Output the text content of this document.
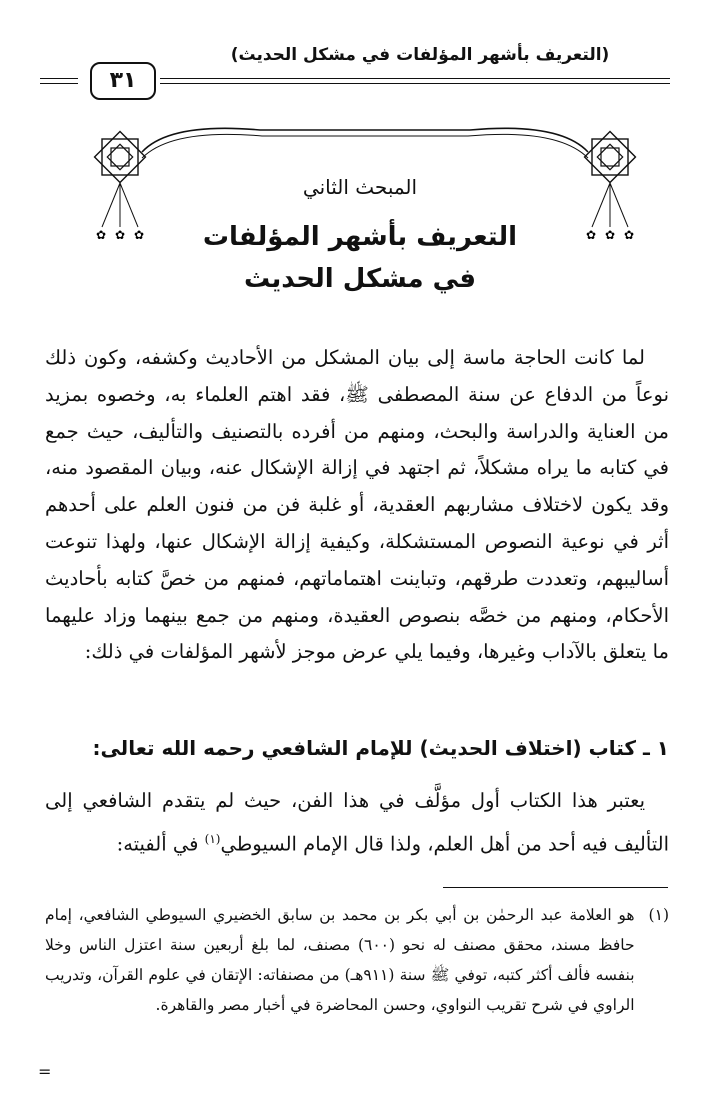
(التعريف بأشهر المؤلفات في مشكل الحديث)
٣١
✿ ✿ ✿	✿ ✿ ✿
المبحث الثاني
التعريف بأشهر المؤلفات
في مشكل الحديث

لما كانت الحاجة ماسة إلى بيان المشكل من الأحاديث وكشفه، وكون ذلك نوعاً من الدفاع عن سنة المصطفى ﷺ، فقد اهتم العلماء به، وخصوه بمزيد من العناية والدراسة والبحث، ومنهم من أفرده بالتصنيف والتأليف، حيث جمع في كتابه ما يراه مشكلاً، ثم اجتهد في إزالة الإشكال عنه، وبيان المقصود منه، وقد يكون لاختلاف مشاربهم العقدية، أو غلبة فن من فنون العلم على أحدهم أثر في نوعية النصوص المستشكلة، وكيفية إزالة الإشكال عنها، ولهذا تنوعت أساليبهم، وتعددت طرقهم، وتباينت اهتماماتهم، فمنهم من خصَّ كتابه بأحاديث الأحكام، ومنهم من خصَّه بنصوص العقيدة، ومنهم من جمع بينهما وزاد عليهما ما يتعلق بالآداب وغيرها، وفيما يلي عرض موجز لأشهر المؤلفات في ذلك:

١ ـ كتاب (اختلاف الحديث) للإمام الشافعي رحمه الله تعالى:

يعتبر هذا الكتاب أول مؤلَّف في هذا الفن، حيث لم يتقدم الشافعي إلى التأليف فيه أحد من أهل العلم، ولذا قال الإمام السيوطي$^{(١)}$ في ألفيته:

(١)
هو العلامة عبد الرحمٰن بن أبي بكر بن محمد بن سابق الخضيري السيوطي الشافعي، إمام حافظ مسند، محقق مصنف له نحو (٦٠٠) مصنف، لما بلغ أربعين سنة اعتزل الناس وخلا بنفسه فألف أكثر كتبه، توفي ﷺ سنة (٩١١هـ) من مصنفاته: الإتقان في علوم القرآن، وتدريب الراوي في شرح تقريب النواوي، وحسن المحاضرة في أخبار مصر والقاهرة.
=
